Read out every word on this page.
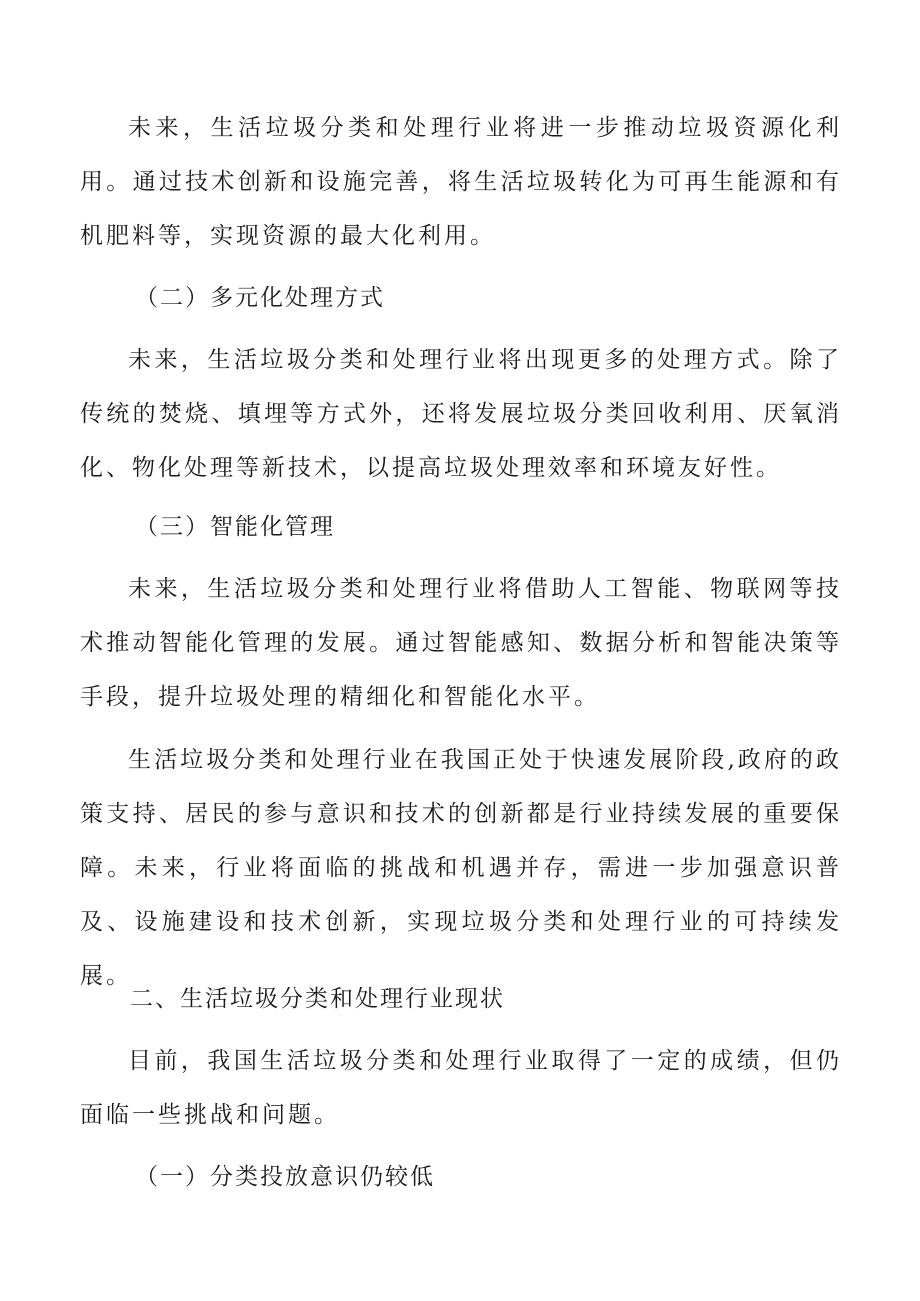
未来，生活垃圾分类和处理行业将进一步推动垃圾资源化利用。通过技术创新和设施完善，将生活垃圾转化为可再生能源和有机肥料等，实现资源的最大化利用。

（二）多元化处理方式

未来，生活垃圾分类和处理行业将出现更多的处理方式。除了传统的焚烧、填埋等方式外，还将发展垃圾分类回收利用、厌氧消化、物化处理等新技术，以提高垃圾处理效率和环境友好性。

（三）智能化管理

未来，生活垃圾分类和处理行业将借助人工智能、物联网等技术推动智能化管理的发展。通过智能感知、数据分析和智能决策等手段，提升垃圾处理的精细化和智能化水平。

生活垃圾分类和处理行业在我国正处于快速发展阶段,政府的政策支持、居民的参与意识和技术的创新都是行业持续发展的重要保障。未来，行业将面临的挑战和机遇并存，需进一步加强意识普及、设施建设和技术创新，实现垃圾分类和处理行业的可持续发展。

二、生活垃圾分类和处理行业现状

目前，我国生活垃圾分类和处理行业取得了一定的成绩，但仍面临一些挑战和问题。

（一）分类投放意识仍较低
